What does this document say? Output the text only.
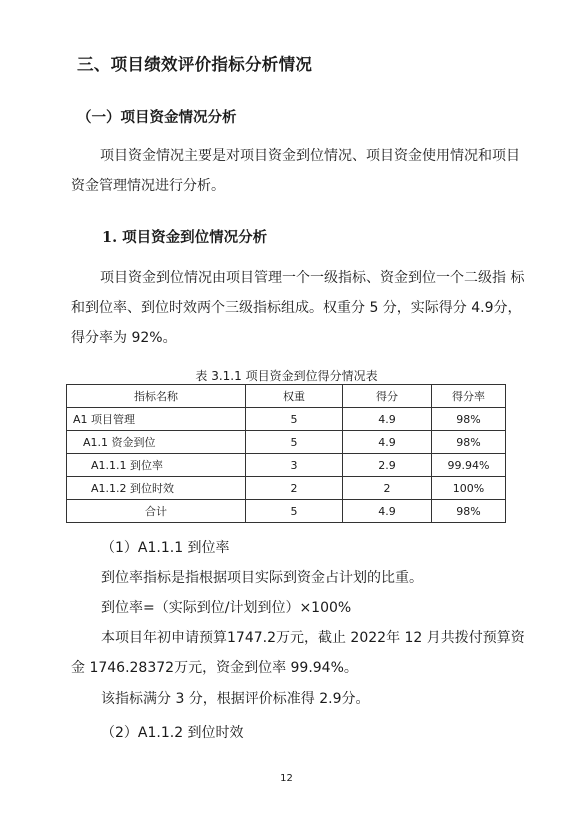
三、项目绩效评价指标分析情况
（一）项目资金情况分析
项目资金情况主要是对项目资金到位情况、项目资金使用情况和项目
资金管理情况进行分析。
1. 项目资金到位情况分析
项目资金到位情况由项目管理一个一级指标、资金到位一个二级指 标
和到位率、到位时效两个三级指标组成。权重分 5 分，实际得分 4.9分，
得分率为 92%。
表 3.1.1 项目资金到位得分情况表
指标名称	权重	得分	得分率
A1 项目管理	5	4.9	98%
A1.1 资金到位	5	4.9	98%
A1.1.1 到位率	3	2.9	99.94%
A1.1.2 到位时效	2	2	100%
合计	5	4.9	98%
（1）A1.1.1 到位率
到位率指标是指根据项目实际到资金占计划的比重。
到位率=（实际到位/计划到位）×100%
本项目年初申请预算1747.2万元，截止 2022年 12 月共拨付预算资
金 1746.28372万元，资金到位率 99.94%。
该指标满分 3 分，根据评价标准得 2.9分。
（2）A1.1.2 到位时效
12
